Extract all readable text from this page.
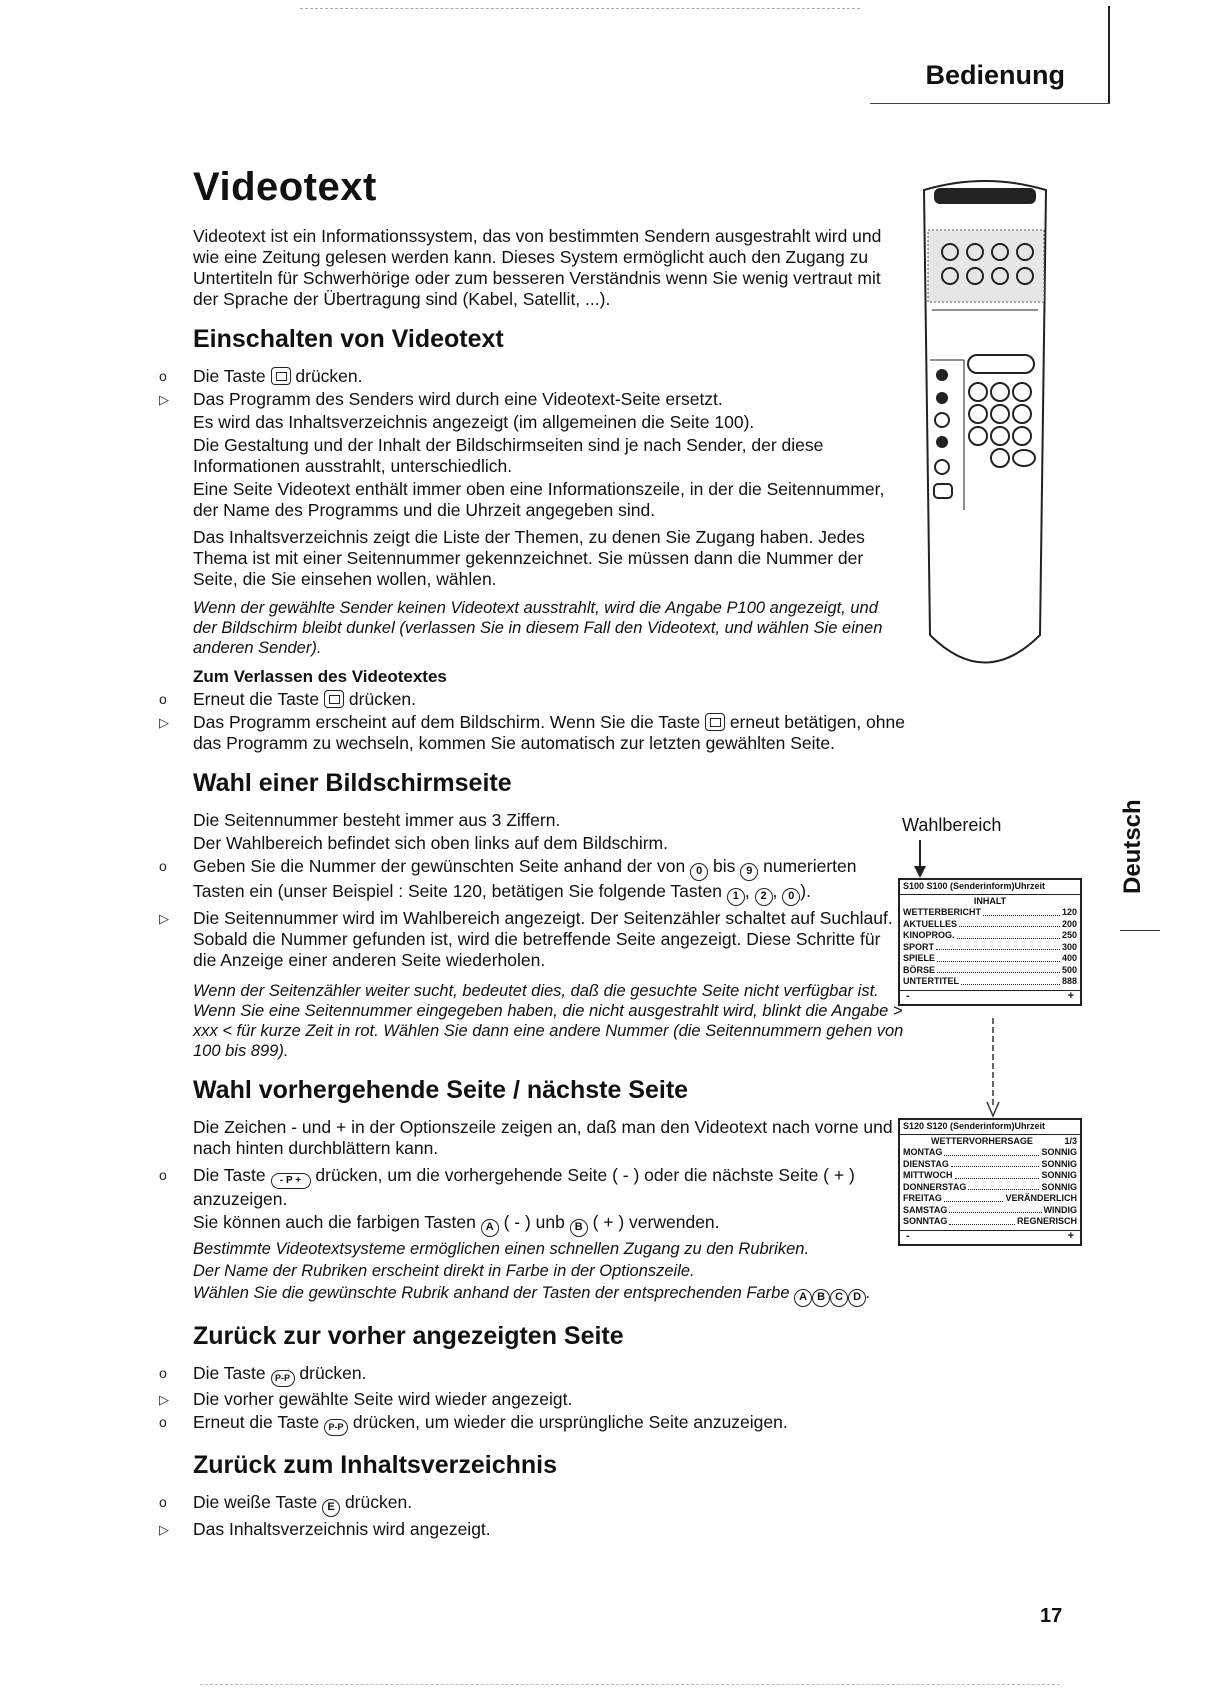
Bedienung
Videotext

Videotext ist ein Informationssystem, das von bestimmten Sendern ausgestrahlt wird und wie eine Zeitung gelesen werden kann. Dieses System ermöglicht auch den Zugang zu Untertiteln für Schwerhörige oder zum besseren Verständnis wenn Sie wenig vertraut mit der Sprache der Übertragung sind (Kabel, Satellit, ...).

Einschalten von Videotext

o Die Taste drücken.

▷ Das Programm des Senders wird durch eine Videotext-Seite ersetzt.

Es wird das Inhaltsverzeichnis angezeigt (im allgemeinen die Seite 100).

Die Gestaltung und der Inhalt der Bildschirmseiten sind je nach Sender, der diese Informationen ausstrahlt, unterschiedlich.

Eine Seite Videotext enthält immer oben eine Informationszeile, in der die Seitennummer, der Name des Programms und die Uhrzeit angegeben sind.

Das Inhaltsverzeichnis zeigt die Liste der Themen, zu denen Sie Zugang haben. Jedes Thema ist mit einer Seitennummer gekennzeichnet. Sie müssen dann die Nummer der Seite, die Sie einsehen wollen, wählen.

Wenn der gewählte Sender keinen Videotext ausstrahlt, wird die Angabe P100 angezeigt, und der Bildschirm bleibt dunkel (verlassen Sie in diesem Fall den Videotext, und wählen Sie einen anderen Sender).

Zum Verlassen des Videotextes

o Erneut die Taste drücken.

▷ Das Programm erscheint auf dem Bildschirm. Wenn Sie die Taste erneut betätigen, ohne das Programm zu wechseln, kommen Sie automatisch zur letzten gewählten Seite.

Wahl einer Bildschirmseite

Die Seitennummer besteht immer aus 3 Ziffern.

Der Wahlbereich befindet sich oben links auf dem Bildschirm.

o Geben Sie die Nummer der gewünschten Seite anhand der von 0 bis 9 numerierten Tasten ein (unser Beispiel : Seite 120, betätigen Sie folgende Tasten 1 , 2 , 0 ).

▷ Die Seitennummer wird im Wahlbereich angezeigt. Der Seitenzähler schaltet auf Suchlauf. Sobald die Nummer gefunden ist, wird die betreffende Seite angezeigt. Diese Schritte für die Anzeige einer anderen Seite wiederholen.

Wenn der Seitenzähler weiter sucht, bedeutet dies, daß die gesuchte Seite nicht verfügbar ist. Wenn Sie eine Seitennummer eingegeben haben, die nicht ausgestrahlt wird, blinkt die Angabe > xxx < für kurze Zeit in rot. Wählen Sie dann eine andere Nummer (die Seitennummern gehen von 100 bis 899).

Wahl vorhergehende Seite / nächste Seite

Die Zeichen - und + in der Optionszeile zeigen an, daß man den Videotext nach vorne und nach hinten durchblättern kann.

o Die Taste - P + drücken, um die vorhergehende Seite ( - ) oder die nächste Seite ( + ) anzuzeigen.

Sie können auch die farbigen Tasten A ( - ) unb B ( + ) verwenden.

Bestimmte Videotextsysteme ermöglichen einen schnellen Zugang zu den Rubriken.

Der Name der Rubriken erscheint direkt in Farbe in der Optionszeile.

Wählen Sie die gewünschte Rubrik anhand der Tasten der entsprechenden Farbe A B C D .

Zurück zur vorher angezeigten Seite

o Die Taste P-P drücken.

▷ Die vorher gewählte Seite wird wieder angezeigt.

o Erneut die Taste P-P drücken, um wieder die ursprüngliche Seite anzuzeigen.

Zurück zum Inhaltsverzeichnis

o Die weiße Taste E drücken.

▷ Das Inhaltsverzeichnis wird angezeigt.

Wahlbereich
S100 S100 (Senderinform)Uhrzeit
INHALT
WETTERBERICHT	120
AKTUELLES	200
KINOPROG.	250
SPORT	300
SPIELE	400
BÖRSE	500
UNTERTITEL	888
-	+
S120 S120 (Senderinform)Uhrzeit
WETTERVORHERSAGE	1/3
MONTAG	SONNIG
DIENSTAG	SONNIG
MITTWOCH	SONNIG
DONNERSTAG	SONNIG
FREITAG	VERÄNDERLICH
SAMSTAG	WINDIG
SONNTAG	REGNERISCH
-	+
Deutsch
17
